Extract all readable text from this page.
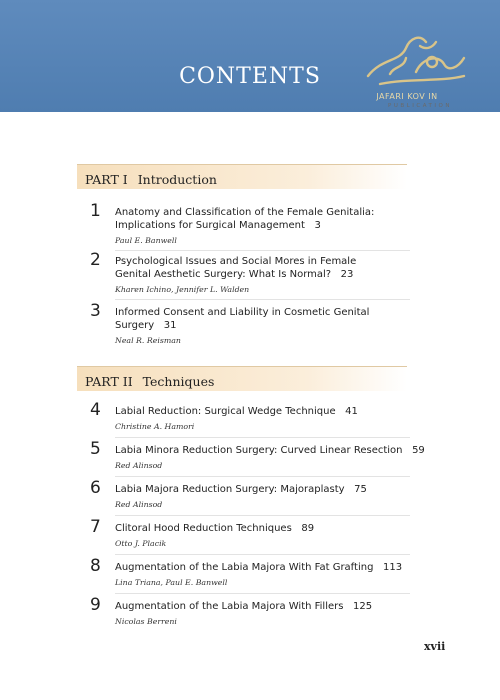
CONTENTS
JAFARI KOV IN
PUBLICATION
PART I Introduction
1 Anatomy and Classification of the Female Genitalia: Implications for Surgical Management 3
Paul E. Banwell
2 Psychological Issues and Social Mores in Female Genital Aesthetic Surgery: What Is Normal? 23
Kharen Ichino, Jennifer L. Walden
3 Informed Consent and Liability in Cosmetic Genital Surgery 31
Neal R. Reisman
PART II Techniques
4 Labial Reduction: Surgical Wedge Technique 41
Christine A. Hamori
5 Labia Minora Reduction Surgery: Curved Linear Resection 59
Red Alinsod
6 Labia Majora Reduction Surgery: Majoraplasty 75
Red Alinsod
7 Clitoral Hood Reduction Techniques 89
Otto J. Placik
8 Augmentation of the Labia Majora With Fat Grafting 113
Lina Triana, Paul E. Banwell
9 Augmentation of the Labia Majora With Fillers 125
Nicolas Berreni
xvii
